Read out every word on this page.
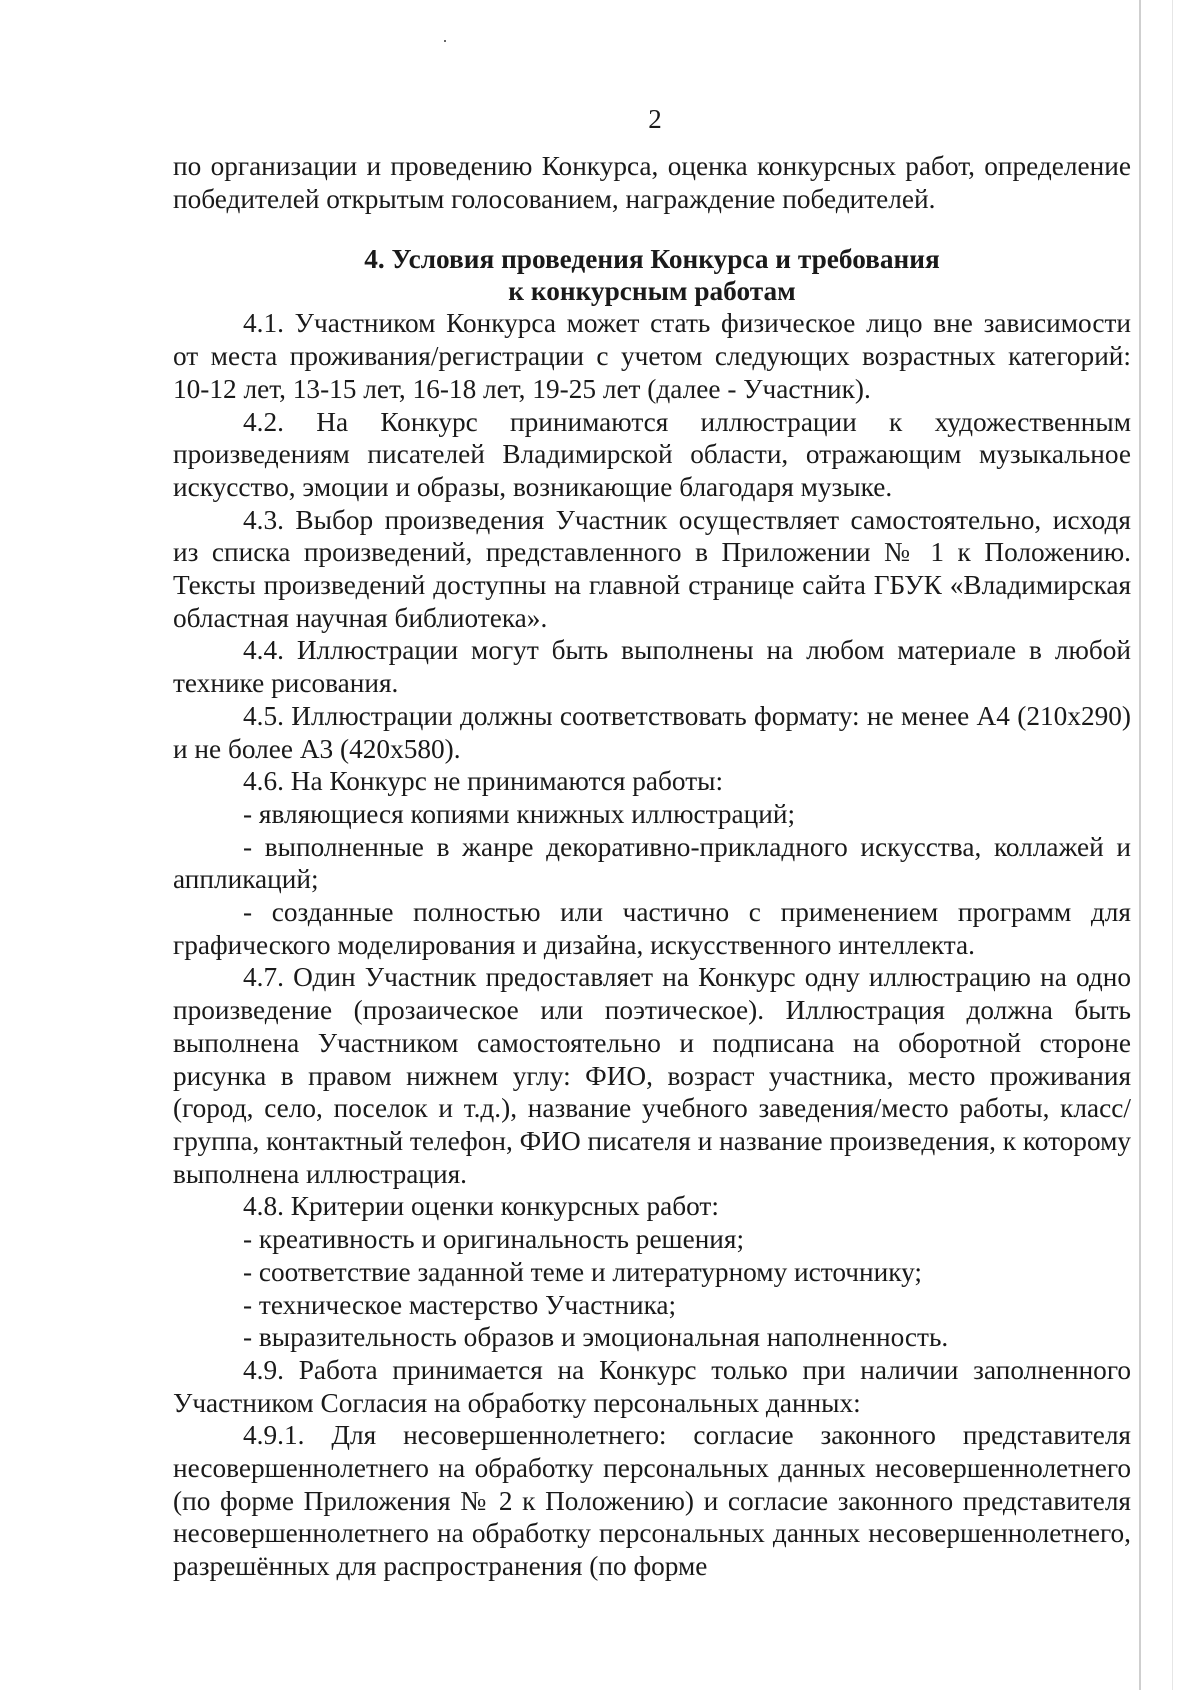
2

по организации и проведению Конкурса, оценка конкурсных работ, определение победителей открытым голосованием, награждение победителей.

4. Условия проведения Конкурса и требования
к конкурсным работам

4.1. Участником Конкурса может стать физическое лицо вне зависимости от места проживания/регистрации с учетом следующих возрастных категорий: 10-12 лет, 13-15 лет, 16-18 лет, 19-25 лет (далее - Участник).

4.2. На Конкурс принимаются иллюстрации к художественным произведениям писателей Владимирской области, отражающим музыкальное искусство, эмоции и образы, возникающие благодаря музыке.

4.3. Выбор произведения Участник осуществляет самостоятельно, исходя из списка произведений, представленного в Приложении № 1 к Положению. Тексты произведений доступны на главной странице сайта ГБУК «Владимирская областная научная библиотека».

4.4. Иллюстрации могут быть выполнены на любом материале в любой технике рисования.

4.5. Иллюстрации должны соответствовать формату: не менее А4 (210х290) и не более А3 (420х580).

4.6. На Конкурс не принимаются работы:

- являющиеся копиями книжных иллюстраций;

- выполненные в жанре декоративно-прикладного искусства, коллажей и аппликаций;

- созданные полностью или частично с применением программ для графического моделирования и дизайна, искусственного интеллекта.

4.7. Один Участник предоставляет на Конкурс одну иллюстрацию на одно произведение (прозаическое или поэтическое). Иллюстрация должна быть выполнена Участником самостоятельно и подписана на оборотной стороне рисунка в правом нижнем углу: ФИО, возраст участника, место проживания (город, село, поселок и т.д.), название учебного заведения/место работы, класс/группа, контактный телефон, ФИО писателя и название произведения, к которому выполнена иллюстрация.

4.8. Критерии оценки конкурсных работ:

- креативность и оригинальность решения;

- соответствие заданной теме и литературному источнику;

- техническое мастерство Участника;

- выразительность образов и эмоциональная наполненность.

4.9. Работа принимается на Конкурс только при наличии заполненного Участником Согласия на обработку персональных данных:

4.9.1. Для несовершеннолетнего: согласие законного представителя несовершеннолетнего на обработку персональных данных несовершеннолетнего (по форме Приложения № 2 к Положению) и согласие законного представителя несовершеннолетнего на обработку персональных данных несовершеннолетнего, разрешённых для распространения (по форме
